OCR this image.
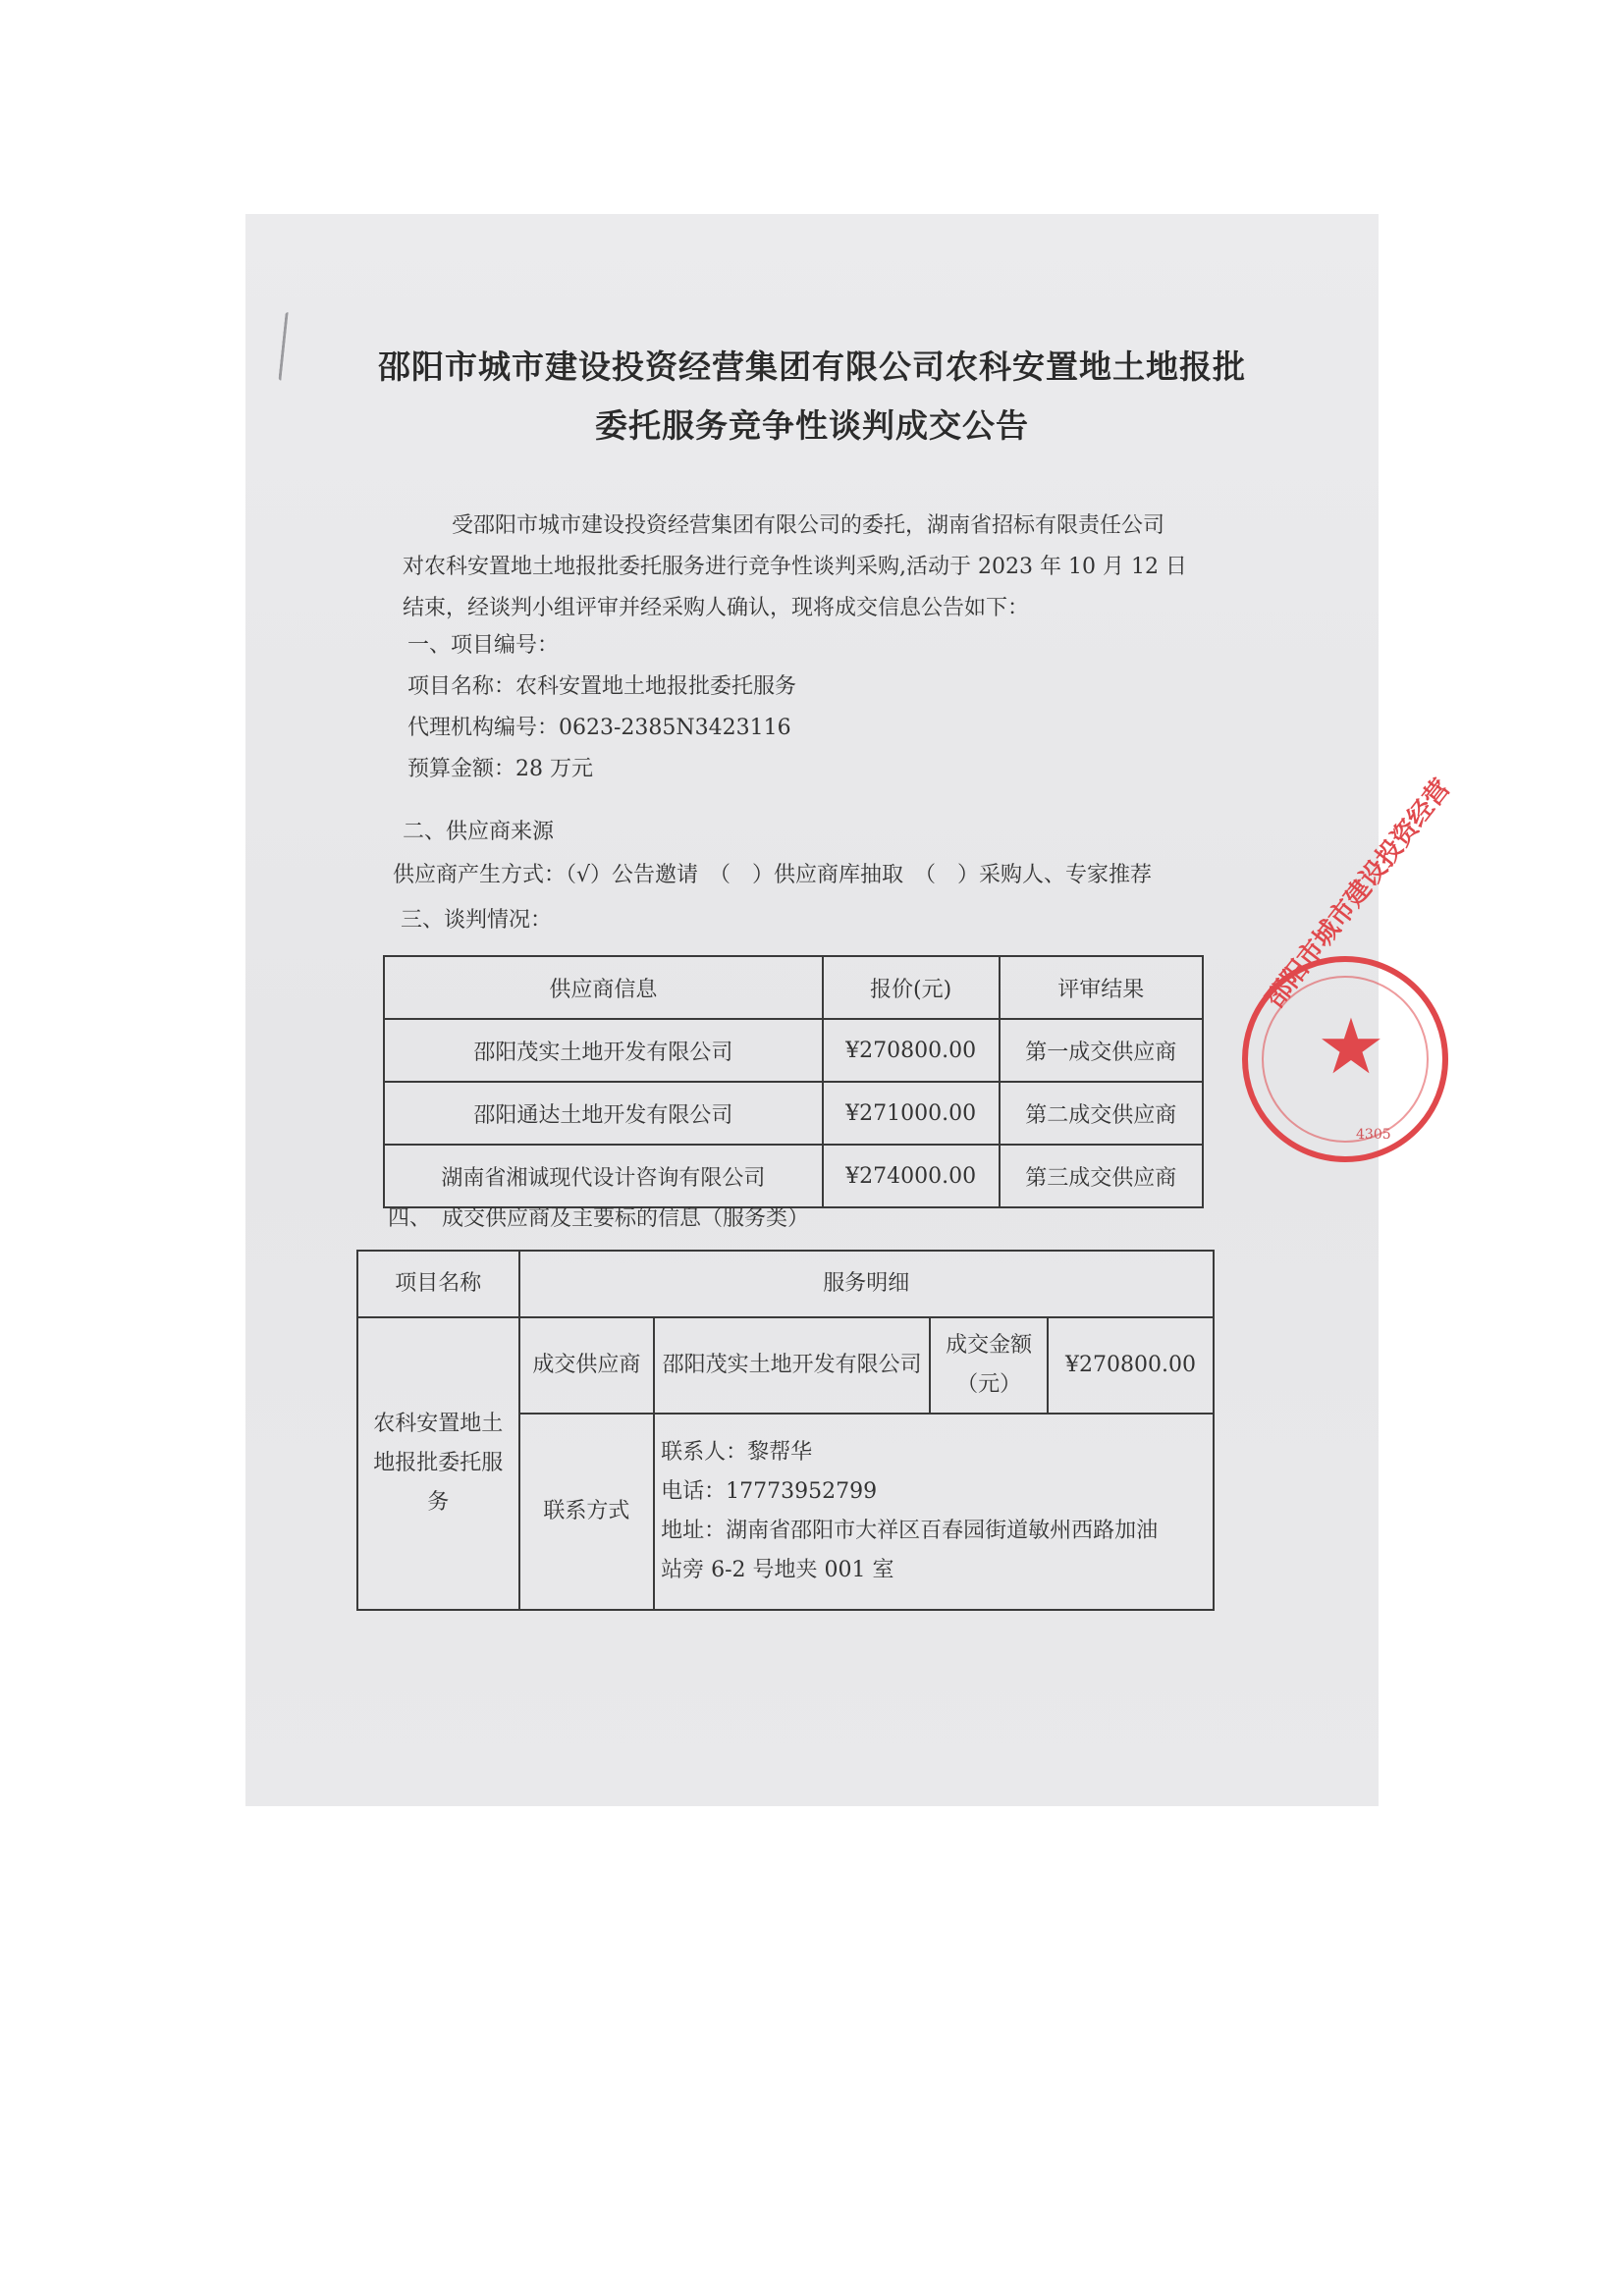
邵阳市城市建设投资经营集团有限公司农科安置地土地报批
委托服务竞争性谈判成交公告
受邵阳市城市建设投资经营集团有限公司的委托，湖南省招标有限责任公司
对农科安置地土地报批委托服务进行竞争性谈判采购,活动于 2023 年 10 月 12 日
结束，经谈判小组评审并经采购人确认，现将成交信息公告如下：
一、项目编号：
项目名称：农科安置地土地报批委托服务
代理机构编号：0623-2385N3423116
预算金额：28 万元
二、供应商来源
供应商产生方式：（√）公告邀请　（　）供应商库抽取　（　）采购人、专家推荐
三、谈判情况：
供应商信息	报价(元)	评审结果
邵阳茂实土地开发有限公司	¥270800.00	第一成交供应商
邵阳通达土地开发有限公司	¥271000.00	第二成交供应商
湖南省湘诚现代设计咨询有限公司	¥274000.00	第三成交供应商
四、　成交供应商及主要标的信息（服务类）
项目名称	服务明细			
农科安置地土地报批委托服务	成交供应商	邵阳茂实土地开发有限公司	成交金额（元）	¥270800.00
	联系方式	联系人：黎帮华
电话：17773952799
地址：湖南省邵阳市大祥区百春园街道敏州西路加油
站旁 6-2 号地夹 001 室		
★
邵阳市城市建设投资经营
4305
